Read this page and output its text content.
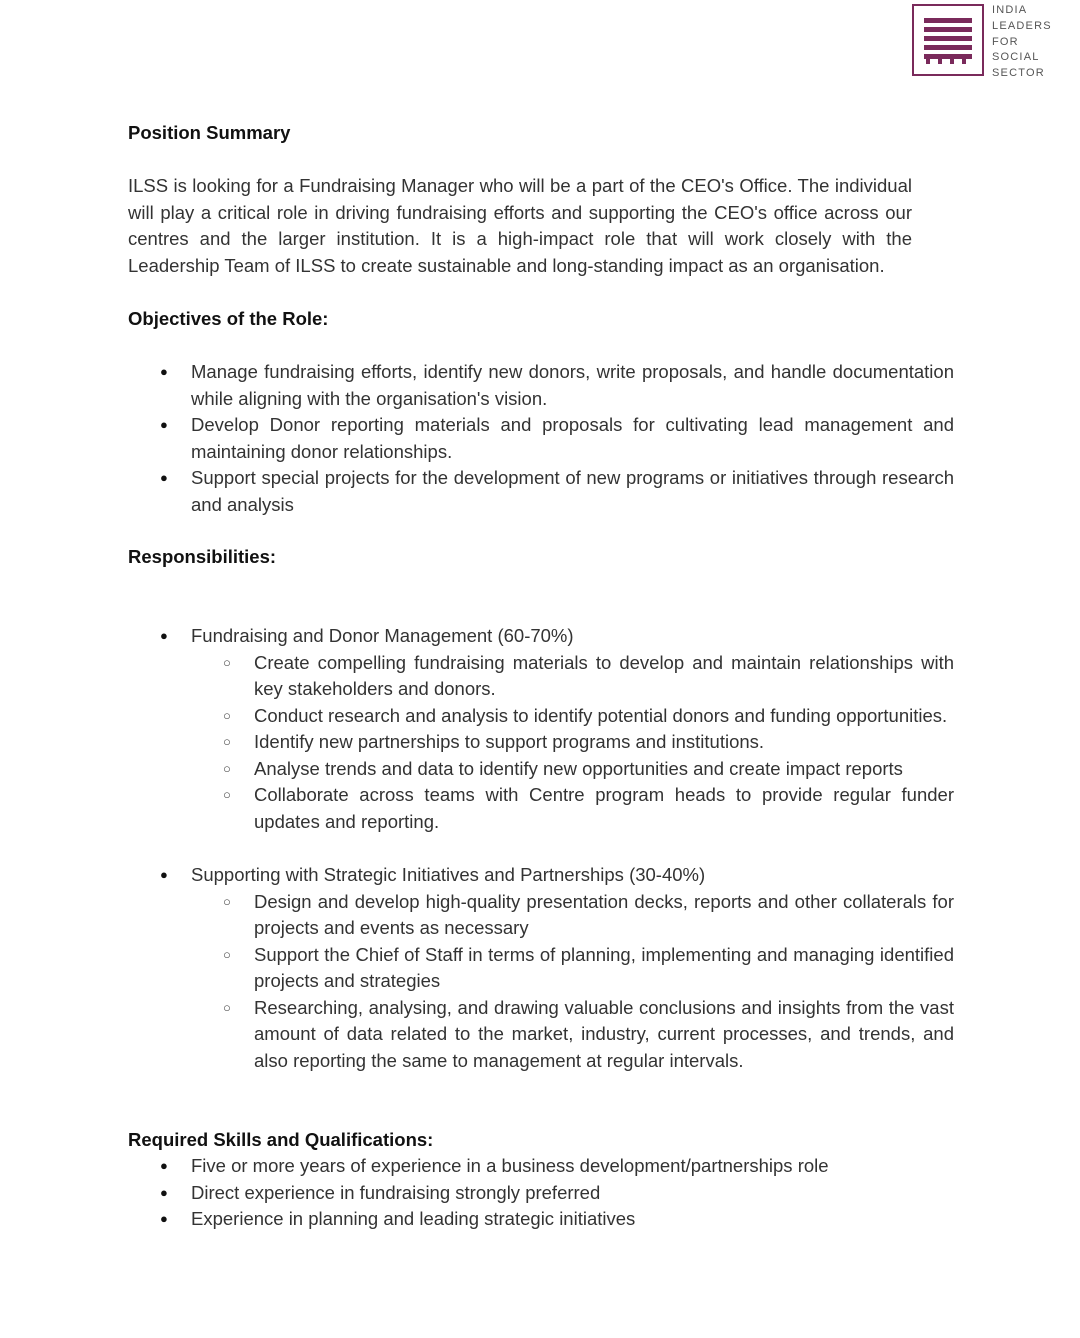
INDIA
LEADERS
FOR
SOCIAL
SECTOR
Position Summary

ILSS is looking for a Fundraising Manager who will be a part of the CEO's Office. The individual will play a critical role in driving fundraising efforts and supporting the CEO's office across our centres and the larger institution. It is a high-impact role that will work closely with the Leadership Team of ILSS to create sustainable and long-standing impact as an organisation.

Objectives of the Role:
● Manage fundraising efforts, identify new donors, write proposals, and handle documentation while aligning with the organisation's vision.
● Develop Donor reporting materials and proposals for cultivating lead management and maintaining donor relationships.
● Support special projects for the development of new programs or initiatives through research and analysis
Responsibilities:
● Fundraising and Donor Management (60-70%)
○ Create compelling fundraising materials to develop and maintain relationships with key stakeholders and donors.
○ Conduct research and analysis to identify potential donors and funding opportunities.
○ Identify new partnerships to support programs and institutions.
○ Analyse trends and data to identify new opportunities and create impact reports
○ Collaborate across teams with Centre program heads to provide regular funder updates and reporting.
● Supporting with Strategic Initiatives and Partnerships (30-40%)
○ Design and develop high-quality presentation decks, reports and other collaterals for projects and events as necessary
○ Support the Chief of Staff in terms of planning, implementing and managing identified projects and strategies
○ Researching, analysing, and drawing valuable conclusions and insights from the vast amount of data related to the market, industry, current processes, and trends, and also reporting the same to management at regular intervals.
Required Skills and Qualifications:
● Five or more years of experience in a business development/partnerships role
● Direct experience in fundraising strongly preferred
● Experience in planning and leading strategic initiatives
